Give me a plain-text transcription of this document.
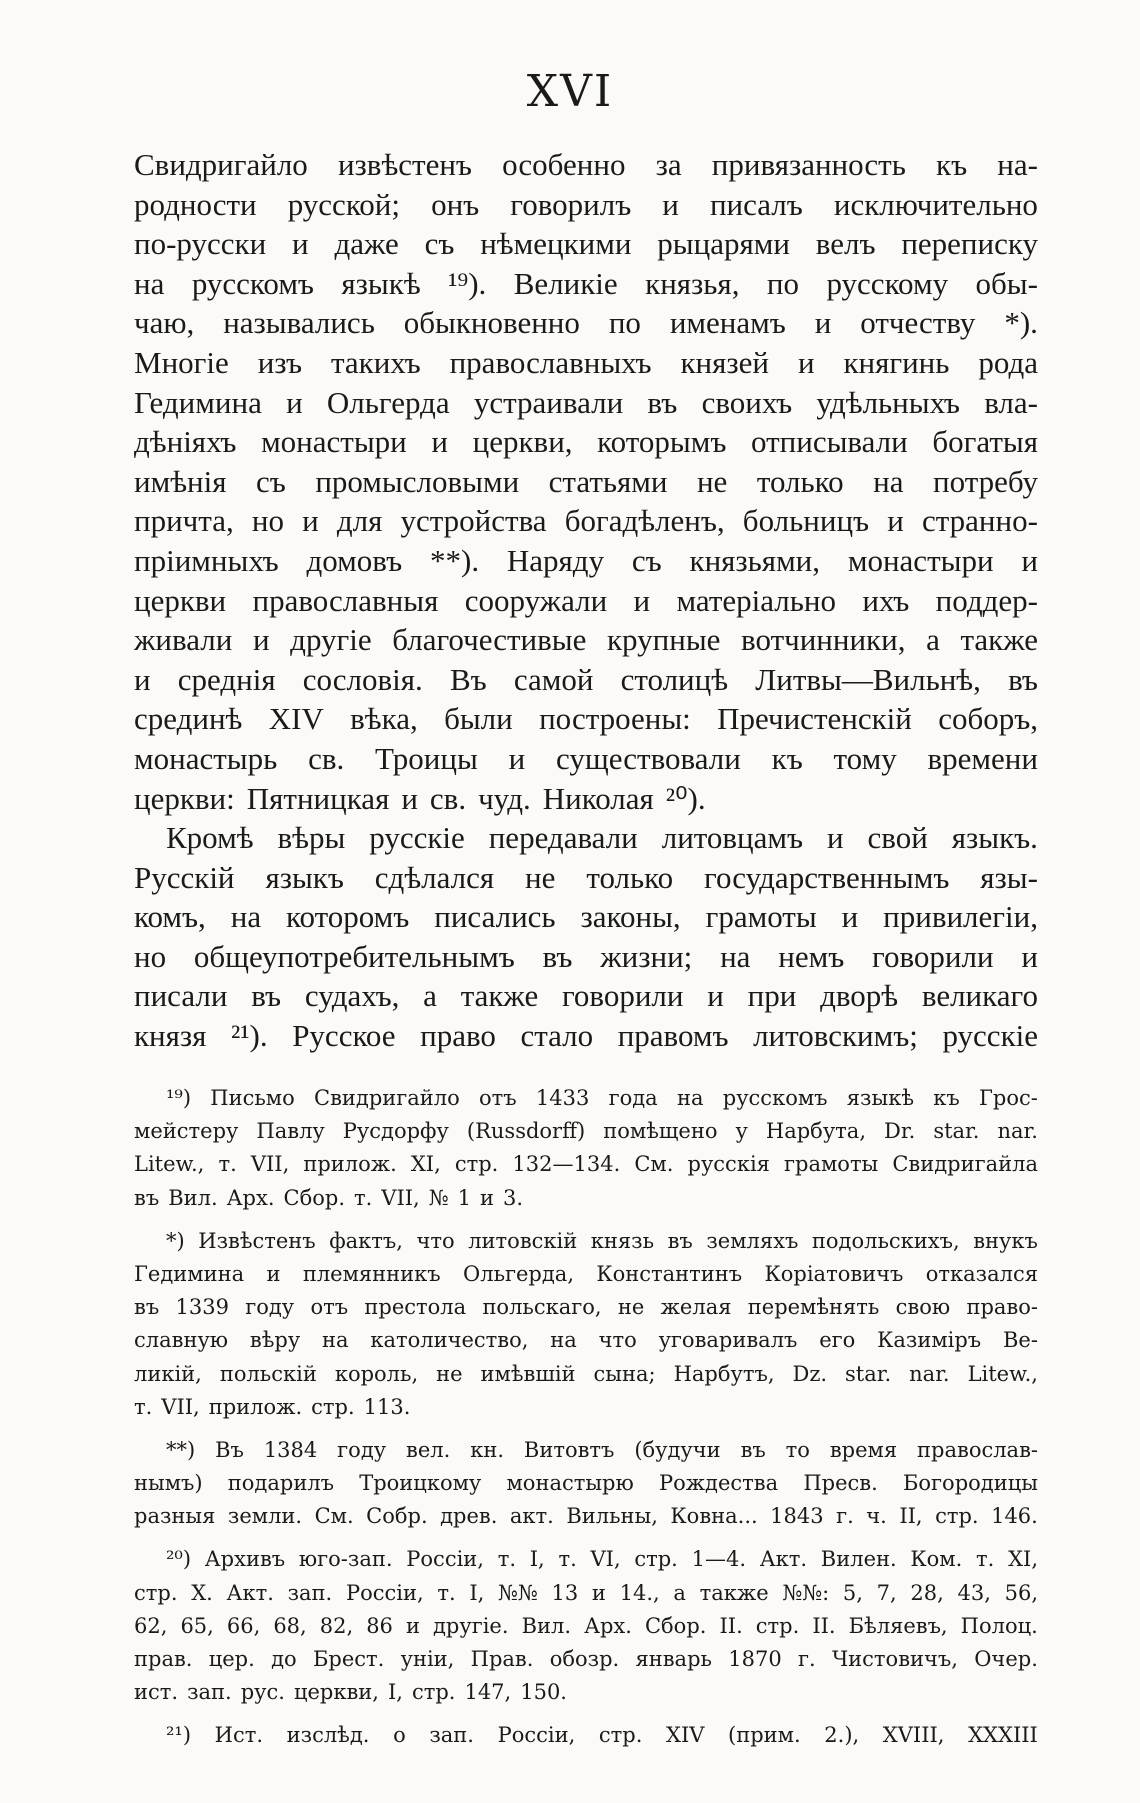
XVI
Свидригайло извѣстенъ особенно за привязанность къ на-
родности русской; онъ говорилъ и писалъ исключительно
по-русски и даже съ нѣмецкими рыцарями велъ переписку
на русскомъ языкѣ ¹⁹). Великіе князья, по русскому обы-
чаю, назывались обыкновенно по именамъ и отчеству *).
Многіе изъ такихъ православныхъ князей и княгинь рода
Гедимина и Ольгерда устраивали въ своихъ удѣльныхъ вла-
дѣніяхъ монастыри и церкви, которымъ отписывали богатыя
имѣнія съ промысловыми статьями не только на потребу
причта, но и для устройства богадѣленъ, больницъ и странно-
пріимныхъ домовъ **). Наряду съ князьями, монастыри и
церкви православныя сооружали и матеріально ихъ поддер-
живали и другіе благочестивые крупные вотчинники, а также
и среднія сословія. Въ самой столицѣ Литвы—Вильнѣ, въ
срединѣ XIV вѣка, были построены: Пречистенскій соборъ,
монастырь св. Троицы и существовали къ тому времени
церкви: Пятницкая и св. чуд. Николая ²⁰).
Кромѣ вѣры русскіе передавали литовцамъ и свой языкъ.
Русскій языкъ сдѣлался не только государственнымъ язы-
комъ, на которомъ писались законы, грамоты и привилегіи,
но общеупотребительнымъ въ жизни; на немъ говорили и
писали въ судахъ, а также говорили и при дворѣ великаго
князя ²¹). Русское право стало правомъ литовскимъ; русскіе
¹⁹) Письмо Свидригайло отъ 1433 года на русскомъ языкѣ къ Грос-
мейстеру Павлу Русдорфу (Russdorff) помѣщено у Нарбута, Dr. star. nar.
Litew., т. VII, прилож. XI, стр. 132—134. См. русскія грамоты Свидригайла
въ Вил. Арх. Сбор. т. VII, № 1 и 3.
*) Извѣстенъ фактъ, что литовскій князь въ земляхъ подольскихъ, внукъ
Гедимина и племянникъ Ольгерда, Константинъ Коріатовичъ отказался
въ 1339 году отъ престола польскаго, не желая перемѣнять свою право-
славную вѣру на католичество, на что уговаривалъ его Казиміръ Ве-
ликій, польскій король, не имѣвшій сына; Нарбутъ, Dz. star. nar. Litew.,
т. VII, прилож. стр. 113.
**) Въ 1384 году вел. кн. Витовтъ (будучи въ то время православ-
нымъ) подарилъ Троицкому монастырю Рождества Пресв. Богородицы
разныя земли. См. Собр. древ. акт. Вильны, Ковна... 1843 г. ч. II, стр. 146.
²⁰) Архивъ юго-зап. Россіи, т. I, т. VI, стр. 1—4. Акт. Вилен. Ком. т. XI,
стр. X. Акт. зап. Россіи, т. I, №№ 13 и 14., а также №№: 5, 7, 28, 43, 56,
62, 65, 66, 68, 82, 86 и другіе. Вил. Арх. Сбор. II. стр. II. Бѣляевъ, Полоц.
прав. цер. до Брест. уніи, Прав. обозр. январь 1870 г. Чистовичъ, Очер.
ист. зап. рус. церкви, I, стр. 147, 150.
²¹) Ист. изслѣд. о зап. Россіи, стр. XIV (прим. 2.), XVIII, XXXIII
